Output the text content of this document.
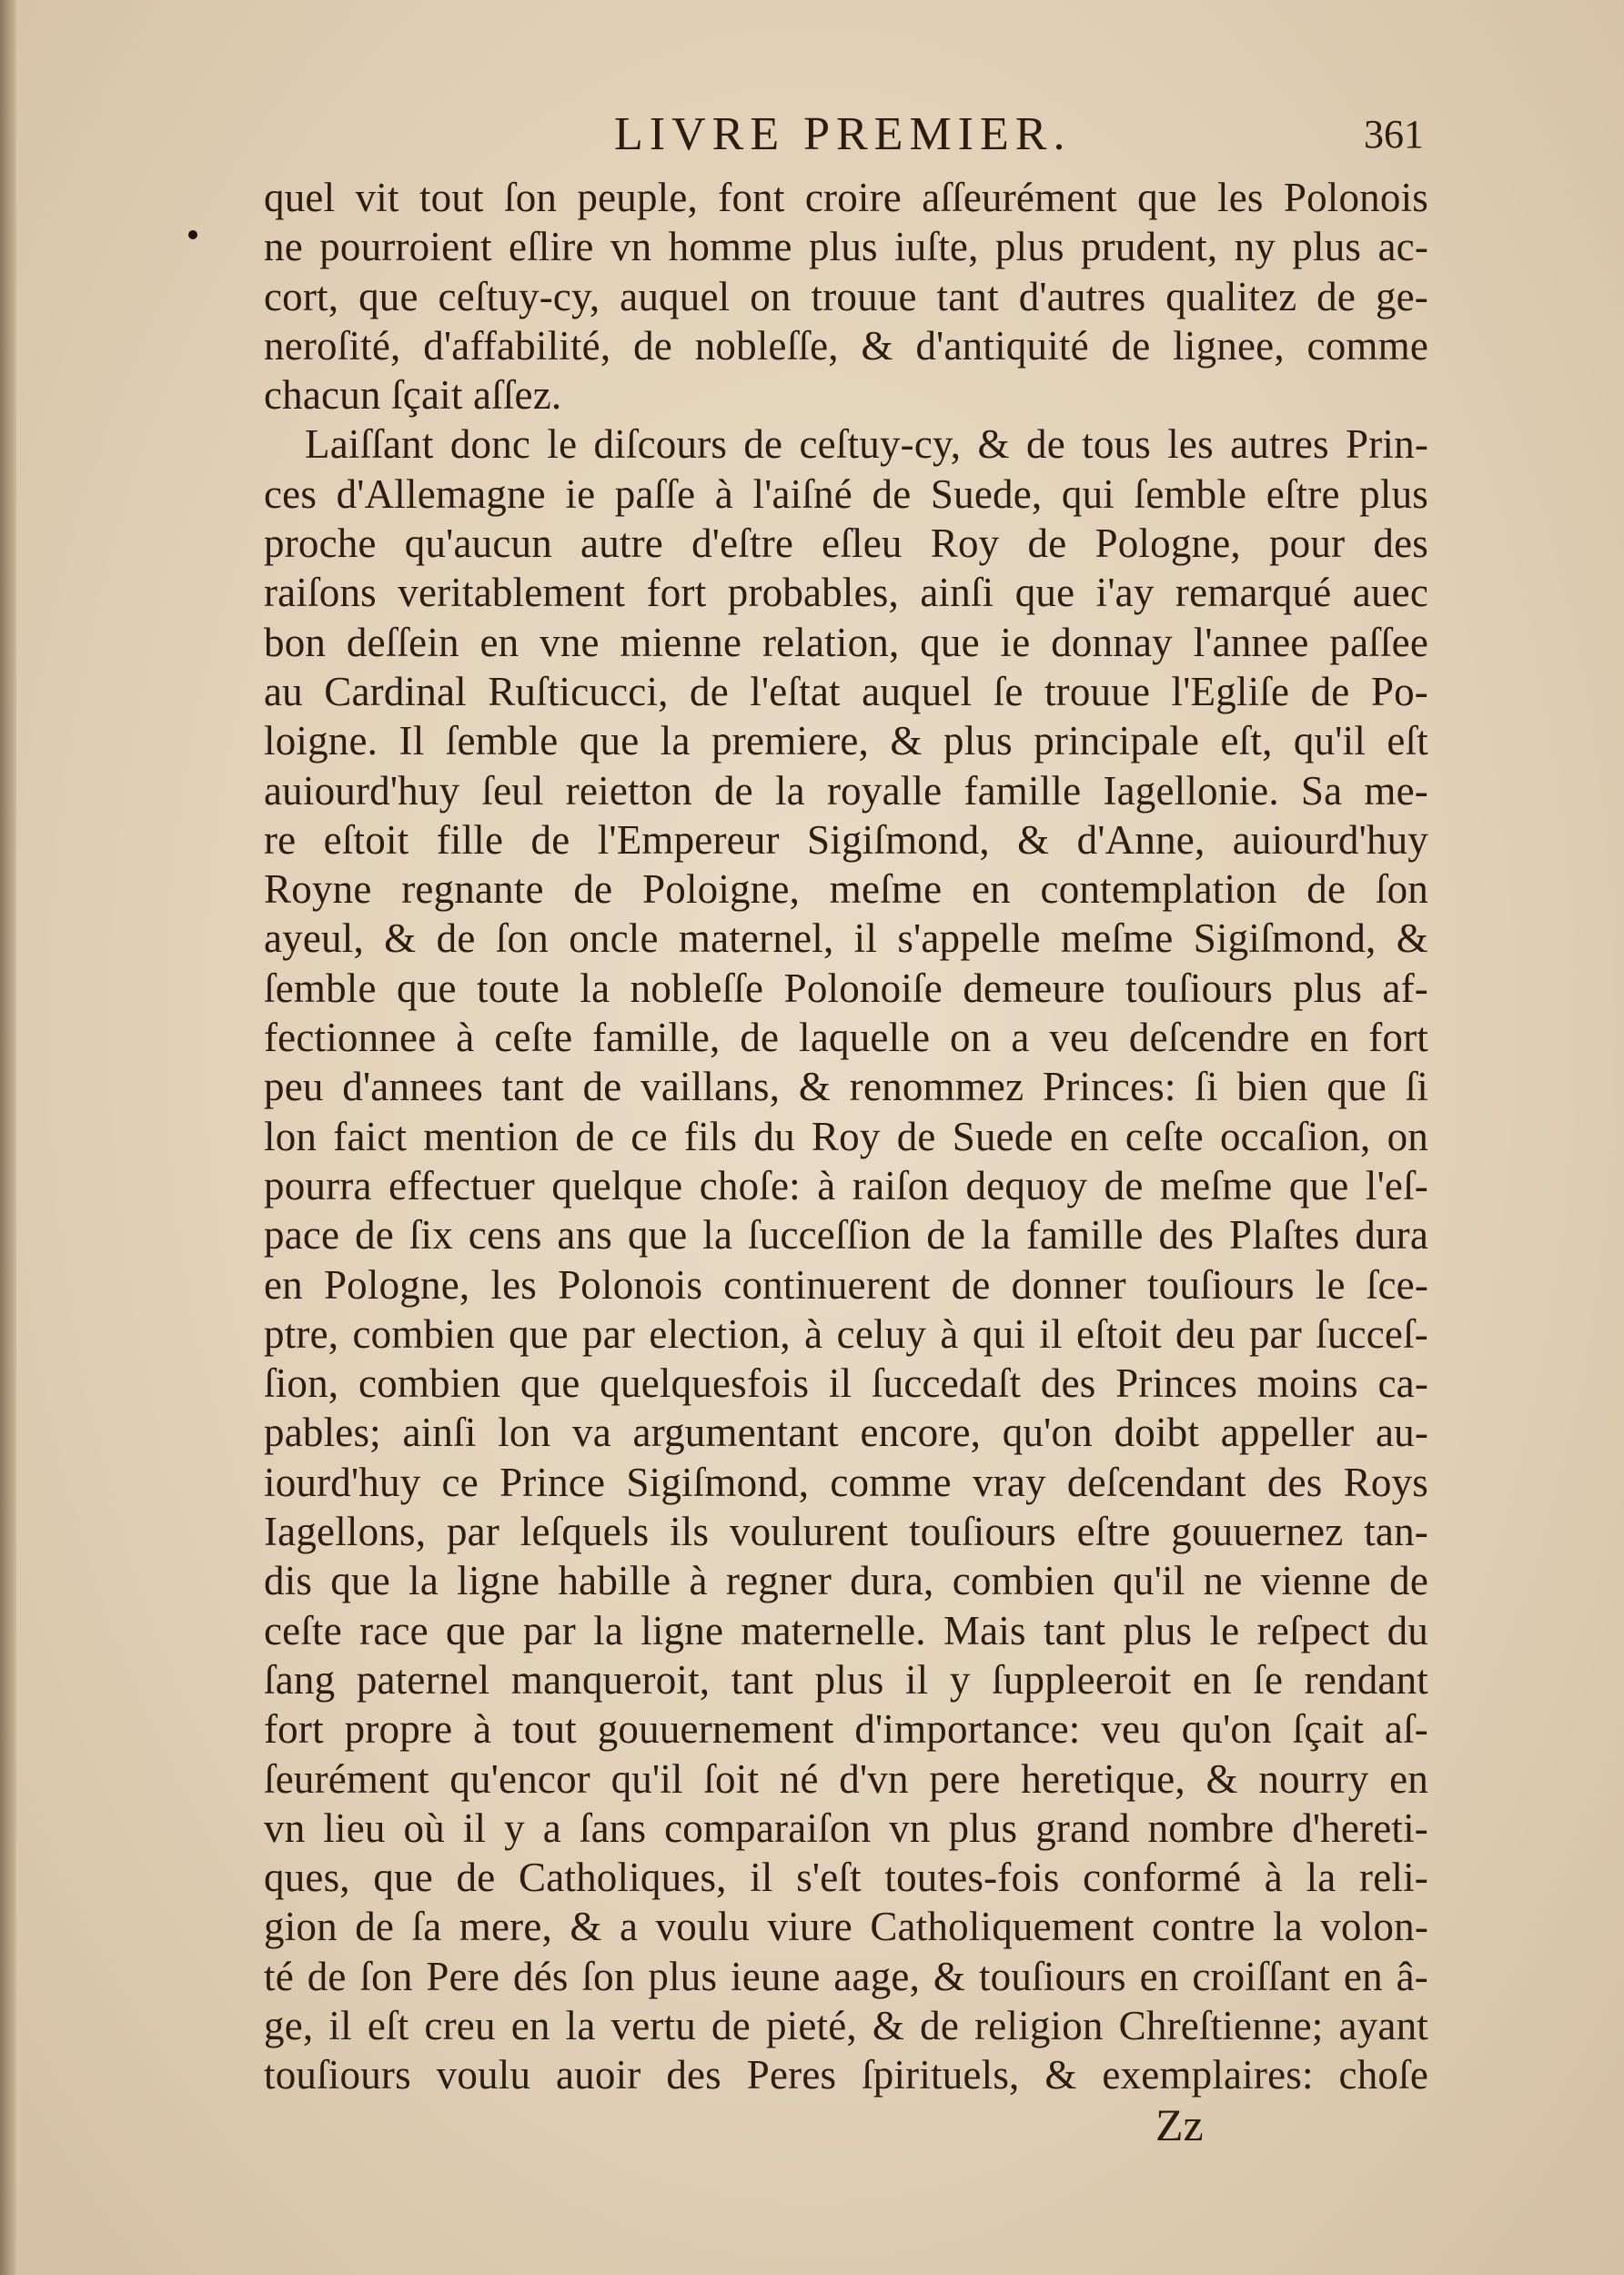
LIVRE PREMIER.	361
quel vit tout ſon peuple, font croire aſſeurément que les Polonois
ne pourroient eſlire vn homme plus iuſte, plus prudent, ny plus ac-
cort, que ceſtuy-cy, auquel on trouue tant d'autres qualitez de ge-
neroſité, d'affabilité, de nobleſſe, & d'antiquité de lignee, comme
chacun ſçait aſſez.
Laiſſant donc le diſcours de ceſtuy-cy, & de tous les autres Prin-
ces d'Allemagne ie paſſe à l'aiſné de Suede, qui ſemble eſtre plus
proche qu'aucun autre d'eſtre eſleu Roy de Pologne, pour des
raiſons veritablement fort probables, ainſi que i'ay remarqué auec
bon deſſein en vne mienne relation, que ie donnay l'annee paſſee
au Cardinal Ruſticucci, de l'eſtat auquel ſe trouue l'Egliſe de Po-
loigne. Il ſemble que la premiere, & plus principale eſt, qu'il eſt
auiourd'huy ſeul reietton de la royalle famille Iagellonie. Sa me-
re eſtoit fille de l'Empereur Sigiſmond, & d'Anne, auiourd'huy
Royne regnante de Poloigne, meſme en contemplation de ſon
ayeul, & de ſon oncle maternel, il s'appelle meſme Sigiſmond, &
ſemble que toute la nobleſſe Polonoiſe demeure touſiours plus af-
fectionnee à ceſte famille, de laquelle on a veu deſcendre en fort
peu d'annees tant de vaillans, & renommez Princes: ſi bien que ſi
lon faict mention de ce fils du Roy de Suede en ceſte occaſion, on
pourra effectuer quelque choſe: à raiſon dequoy de meſme que l'eſ-
pace de ſix cens ans que la ſucceſſion de la famille des Plaſtes dura
en Pologne, les Polonois continuerent de donner touſiours le ſce-
ptre, combien que par election, à celuy à qui il eſtoit deu par ſucceſ-
ſion, combien que quelquesfois il ſuccedaſt des Princes moins ca-
pables; ainſi lon va argumentant encore, qu'on doibt appeller au-
iourd'huy ce Prince Sigiſmond, comme vray deſcendant des Roys
Iagellons, par leſquels ils voulurent touſiours eſtre gouuernez tan-
dis que la ligne habille à regner dura, combien qu'il ne vienne de
ceſte race que par la ligne maternelle. Mais tant plus le reſpect du
ſang paternel manqueroit, tant plus il y ſuppleeroit en ſe rendant
fort propre à tout gouuernement d'importance: veu qu'on ſçait aſ-
ſeurément qu'encor qu'il ſoit né d'vn pere heretique, & nourry en
vn lieu où il y a ſans comparaiſon vn plus grand nombre d'hereti-
ques, que de Catholiques, il s'eſt toutes-fois conformé à la reli-
gion de ſa mere, & a voulu viure Catholiquement contre la volon-
té de ſon Pere dés ſon plus ieune aage, & touſiours en croiſſant en â-
ge, il eſt creu en la vertu de pieté, & de religion Chreſtienne; ayant
touſiours voulu auoir des Peres ſpirituels, & exemplaires: choſe
Zz
